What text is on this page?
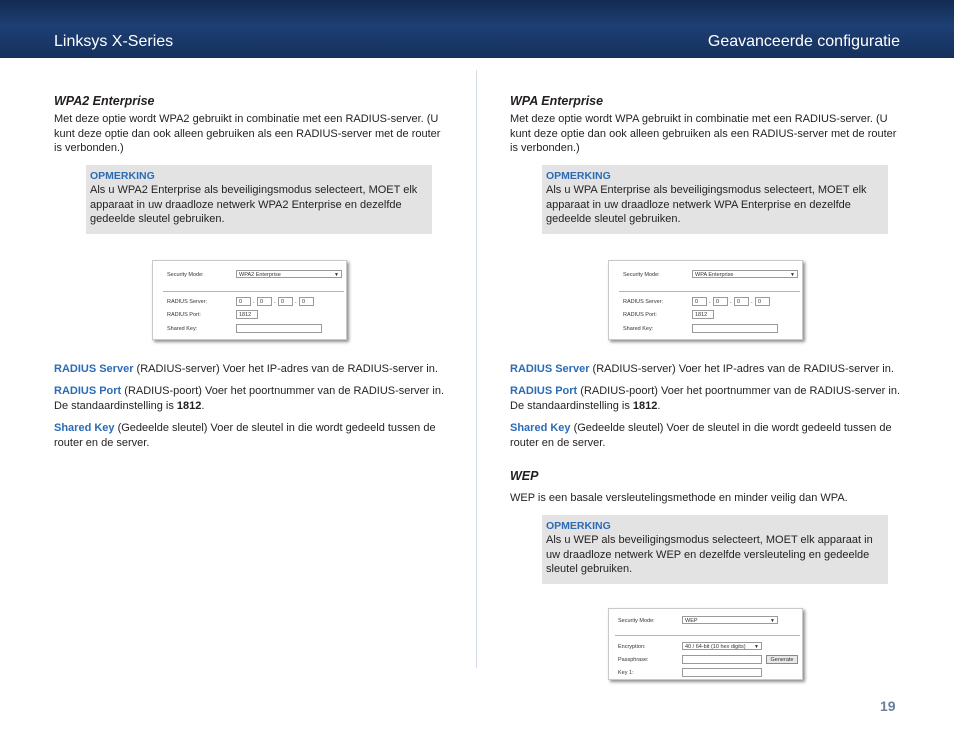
Linksys X-Series	Geavanceerde configuratie
WPA2 Enterprise

Met deze optie wordt WPA2 gebruikt in combinatie met een RADIUS-server. (U kunt deze optie dan ook alleen gebruiken als een RADIUS-server met de router is verbonden.)

OPMERKING
Als u WPA2 Enterprise als beveiligingsmodus selecteert, MOET elk apparaat in uw draadloze netwerk WPA2 Enterprise en dezelfde gedeelde sleutel gebruiken.
Security Mode:	WPA2 Enterprise	▼
RADIUS Server:	0	. 0	. 0	. 0
RADIUS Port:	1812
Shared Key:

RADIUS Server (RADIUS-server) Voer het IP-adres van de RADIUS-server in.

RADIUS Port (RADIUS-poort) Voer het poortnummer van de RADIUS-server in. De standaardinstelling is 1812.

Shared Key (Gedeelde sleutel) Voer de sleutel in die wordt gedeeld tussen de router en de server.

WPA Enterprise

Met deze optie wordt WPA gebruikt in combinatie met een RADIUS-server. (U kunt deze optie dan ook alleen gebruiken als een RADIUS-server met de router is verbonden.)

OPMERKING
Als u WPA Enterprise als beveiligingsmodus selecteert, MOET elk apparaat in uw draadloze netwerk WPA Enterprise en dezelfde gedeelde sleutel gebruiken.
Security Mode:	WPA Enterprise	▼
RADIUS Server:	0	. 0	. 0	. 0
RADIUS Port:	1812
Shared Key:

RADIUS Server (RADIUS-server) Voer het IP-adres van de RADIUS-server in.

RADIUS Port (RADIUS-poort) Voer het poortnummer van de RADIUS-server in. De standaardinstelling is 1812.

Shared Key (Gedeelde sleutel) Voer de sleutel in die wordt gedeeld tussen de router en de server.

WEP

WEP is een basale versleutelingsmethode en minder veilig dan WPA.

OPMERKING
Als u WEP als beveiligingsmodus selecteert, MOET elk apparaat in uw draadloze netwerk WEP en dezelfde versleuteling en gedeelde sleutel gebruiken.
Security Mode:	WEP	▼
Encryption:	40 / 64-bit (10 hex digits) ▼
Passphrase:	Generate
Key 1:
19
